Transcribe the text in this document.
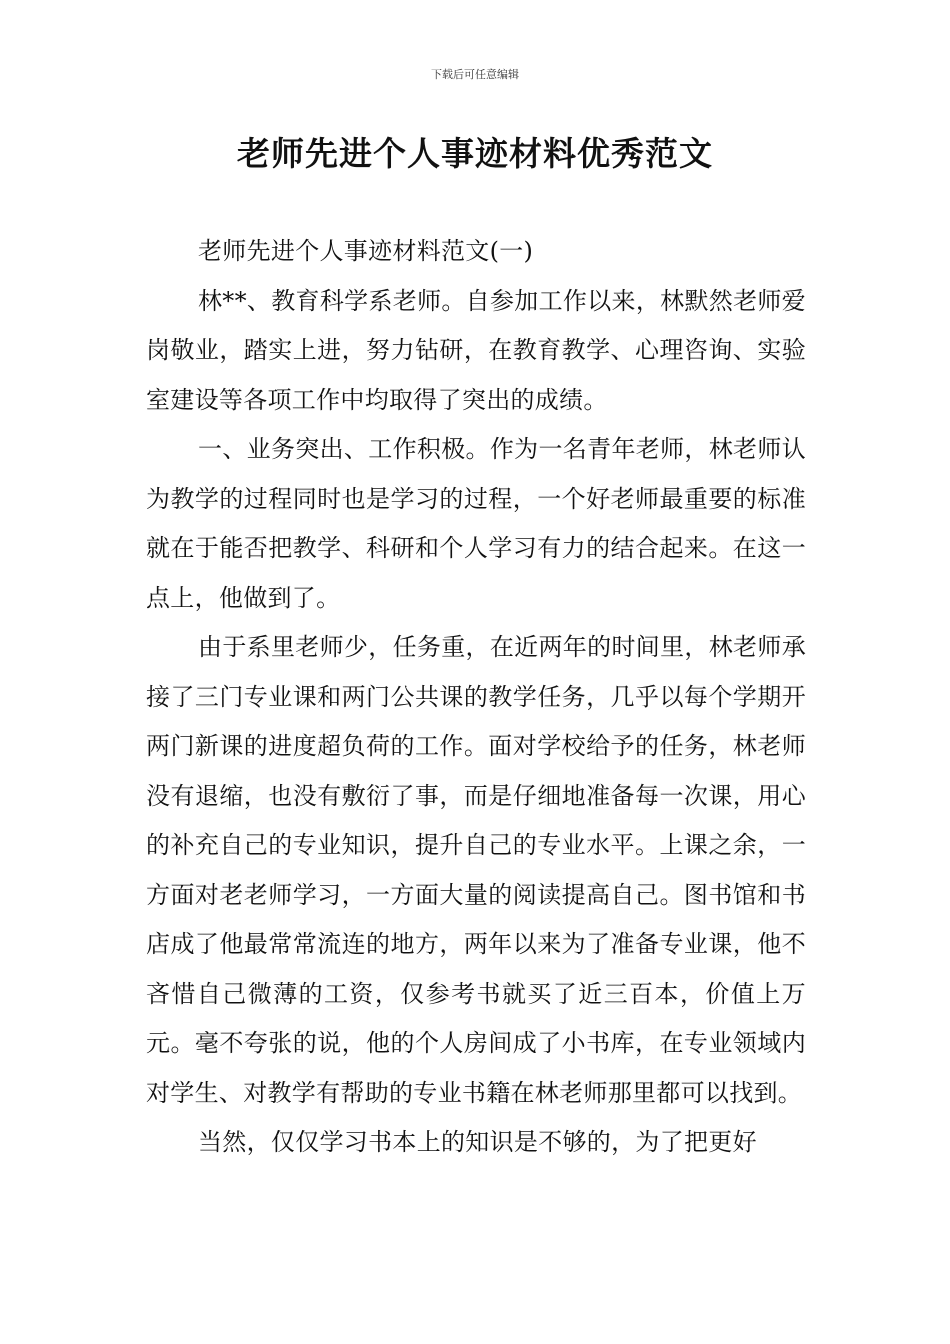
下载后可任意编辑
老师先进个人事迹材料优秀范文

老师先进个人事迹材料范文(一)

林**、教育科学系老师。自参加工作以来，林默然老师爱岗敬业，踏实上进，努力钻研，在教育教学、心理咨询、实验室建设等各项工作中均取得了突出的成绩。

一、业务突出、工作积极。作为一名青年老师，林老师认为教学的过程同时也是学习的过程，一个好老师最重要的标准就在于能否把教学、科研和个人学习有力的结合起来。在这一点上，他做到了。

由于系里老师少，任务重，在近两年的时间里，林老师承接了三门专业课和两门公共课的教学任务，几乎以每个学期开两门新课的进度超负荷的工作。面对学校给予的任务，林老师没有退缩，也没有敷衍了事，而是仔细地准备每一次课，用心的补充自己的专业知识，提升自己的专业水平。上课之余，一方面对老老师学习，一方面大量的阅读提高自己。图书馆和书店成了他最常常流连的地方，两年以来为了准备专业课，他不吝惜自己微薄的工资，仅参考书就买了近三百本，价值上万元。毫不夸张的说，他的个人房间成了小书库，在专业领域内对学生、对教学有帮助的专业书籍在林老师那里都可以找到。

当然，仅仅学习书本上的知识是不够的，为了把更好
